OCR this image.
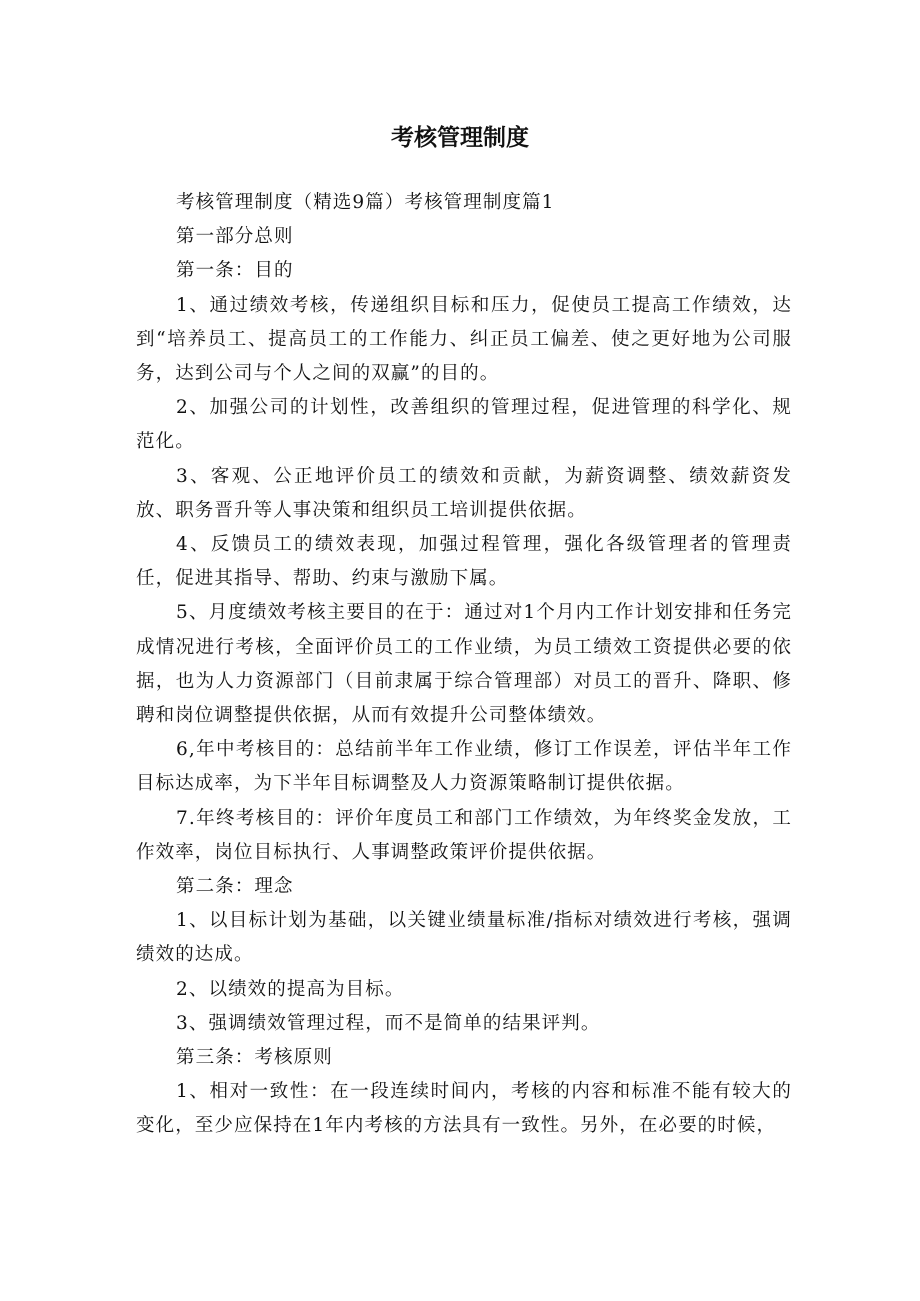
考核管理制度

考核管理制度（精选9篇）考核管理制度篇1

第一部分总则

第一条：目的

1、通过绩效考核，传递组织目标和压力，促使员工提高工作绩效，达到“培养员工、提高员工的工作能力、纠正员工偏差、使之更好地为公司服务，达到公司与个人之间的双赢”的目的。

2、加强公司的计划性，改善组织的管理过程，促进管理的科学化、规范化。

3、客观、公正地评价员工的绩效和贡献，为薪资调整、绩效薪资发放、职务晋升等人事决策和组织员工培训提供依据。

4、反馈员工的绩效表现，加强过程管理，强化各级管理者的管理责任，促进其指导、帮助、约束与激励下属。

5、月度绩效考核主要目的在于：通过对1个月内工作计划安排和任务完成情况进行考核，全面评价员工的工作业绩，为员工绩效工资提供必要的依据，也为人力资源部门（目前隶属于综合管理部）对员工的晋升、降职、修聘和岗位调整提供依据，从而有效提升公司整体绩效。

6,年中考核目的：总结前半年工作业绩，修订工作误差，评估半年工作目标达成率，为下半年目标调整及人力资源策略制订提供依据。

7.年终考核目的：评价年度员工和部门工作绩效，为年终奖金发放，工作效率，岗位目标执行、人事调整政策评价提供依据。

第二条：理念

1、以目标计划为基础，以关键业绩量标准/指标对绩效进行考核，强调绩效的达成。

2、以绩效的提高为目标。

3、强调绩效管理过程，而不是简单的结果评判。

第三条：考核原则

1、相对一致性：在一段连续时间内，考核的内容和标准不能有较大的变化，至少应保持在1年内考核的方法具有一致性。另外，在必要的时候，
